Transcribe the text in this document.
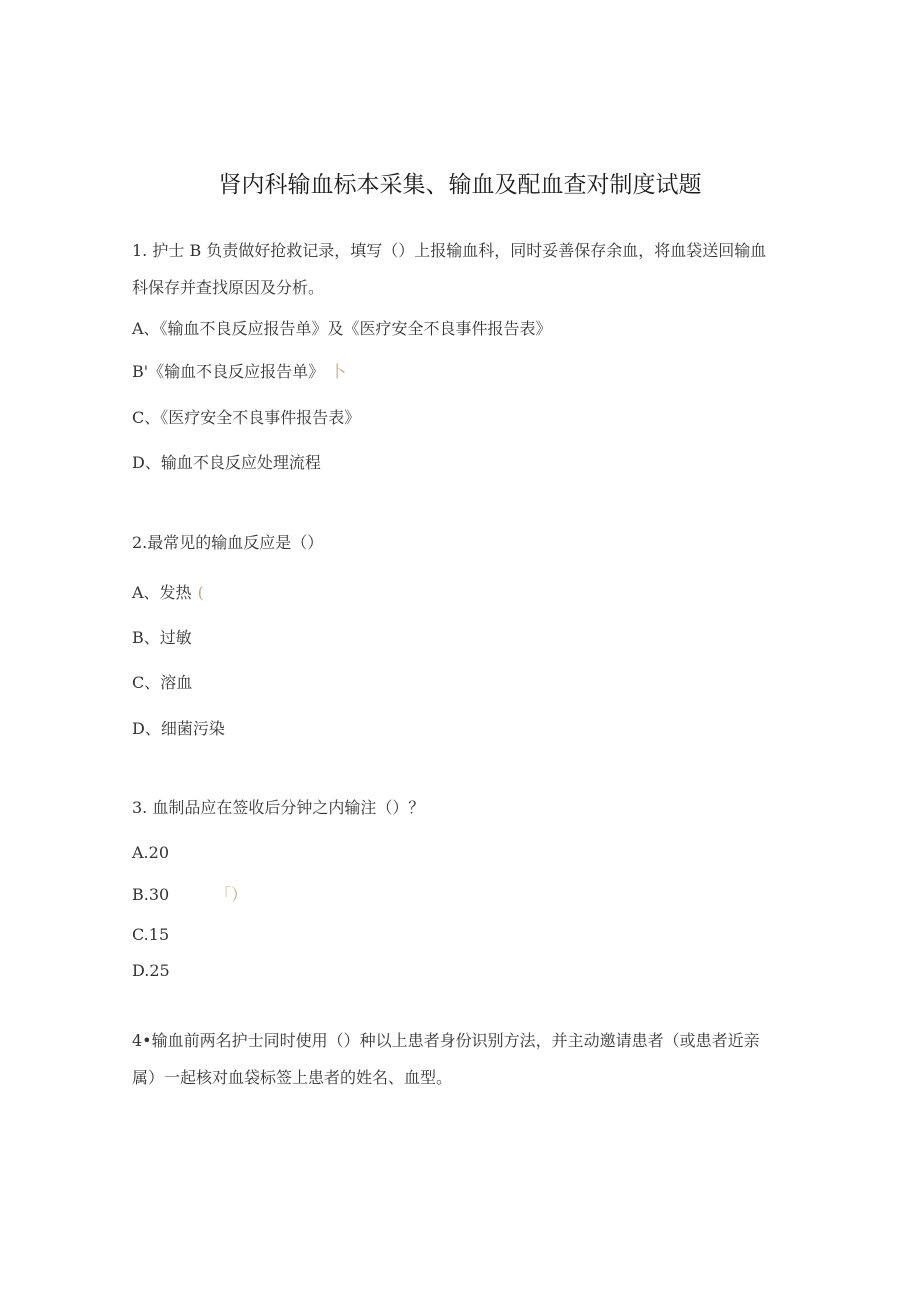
肾内科输血标本采集、输血及配血查对制度试题
1. 护士 B 负责做好抢救记录，填写（）上报输血科，同时妥善保存余血，将血袋送回输血科保存并查找原因及分析。
A、《输血不良反应报告单》及《医疗安全不良事件报告表》
B'《输血不良反应报告单》 卜
C、《医疗安全不良事件报告表》
D、输血不良反应处理流程
2.最常见的输血反应是（）
A、发热 (
B、过敏
C、溶血
D、细菌污染
3. 血制品应在签收后分钟之内输注（）？
A.20
B.30	「）
C.15
D.25
4•输血前两名护士同时使用（）种以上患者身份识别方法，并主动邀请患者（或患者近亲属）一起核对血袋标签上患者的姓名、血型。
